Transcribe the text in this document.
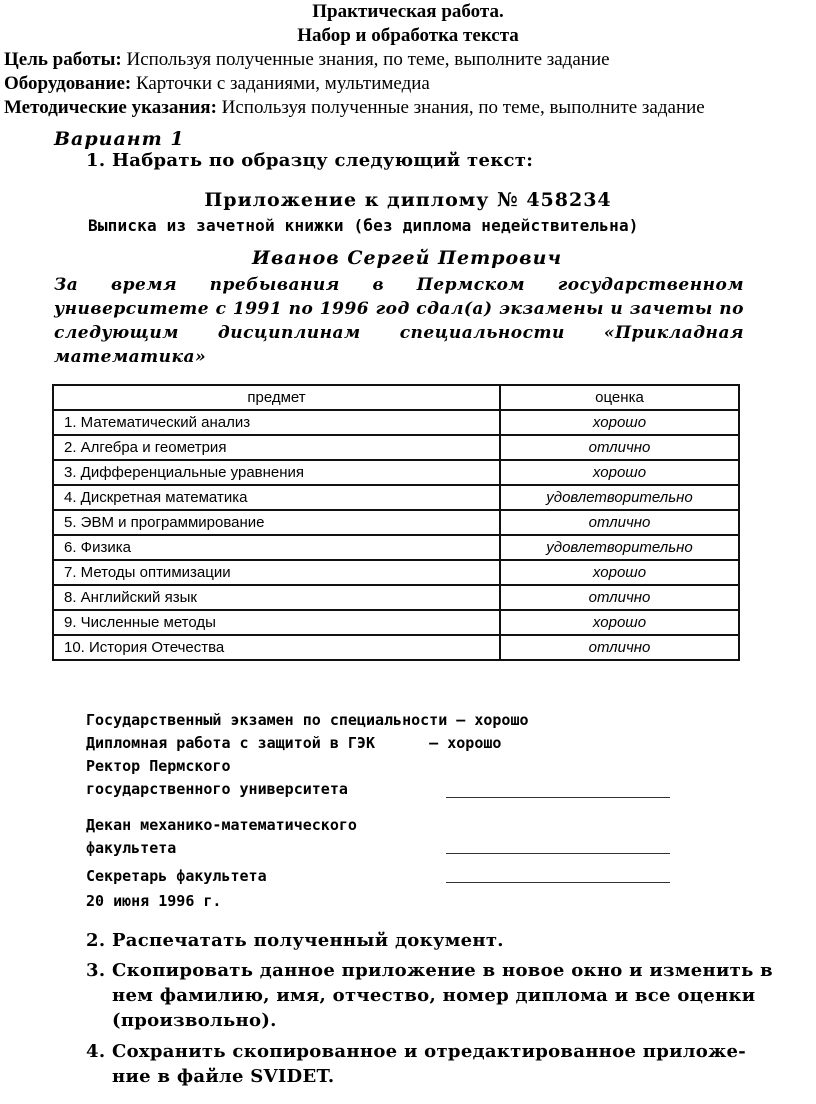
Практическая работа.
Набор и обработка текста
Цель работы: Используя полученные знания, по теме, выполните задание
Оборудование: Карточки с заданиями, мультимедиа
Методические указания: Используя полученные знания, по теме, выполните задание
Вариант 1
1. Набрать по образцу следующий текст:
Приложение к диплому № 458234
Выписка из зачетной книжки (без диплома недействительна)
Иванов Сергей Петрович
За время пребывания в Пермском государственном университете с 1991 по 1996 год сдал(а) экзамены и зачеты по следующим дисциплинам специальности «Прикладная математика»
предмет	оценка
1. Математический анализ	хорошо
2. Алгебра и геометрия	отлично
3. Дифференциальные уравнения	хорошо
4. Дискретная математика	удовлетворительно
5. ЭВМ и программирование	отлично
6. Физика	удовлетворительно
7. Методы оптимизации	хорошо
8. Английский язык	отлично
9. Численные методы	хорошо
10. История Отечества	отлично
Государственный экзамен по специальности — хорошо
Дипломная работа с защитой в ГЭК      — хорошо
Ректор Пермского
государственного университета
Декан механико-математического
факультета
Секретарь факультета
20 июня 1996 г.
2. Распечатать полученный документ.
3. Скопировать данное приложение в новое окно и изменить в
нем фамилию, имя, отчество, номер диплома и все оценки
(произвольно).
4. Сохранить скопированное и отредактированное приложе-
ние в файле SVIDET.
